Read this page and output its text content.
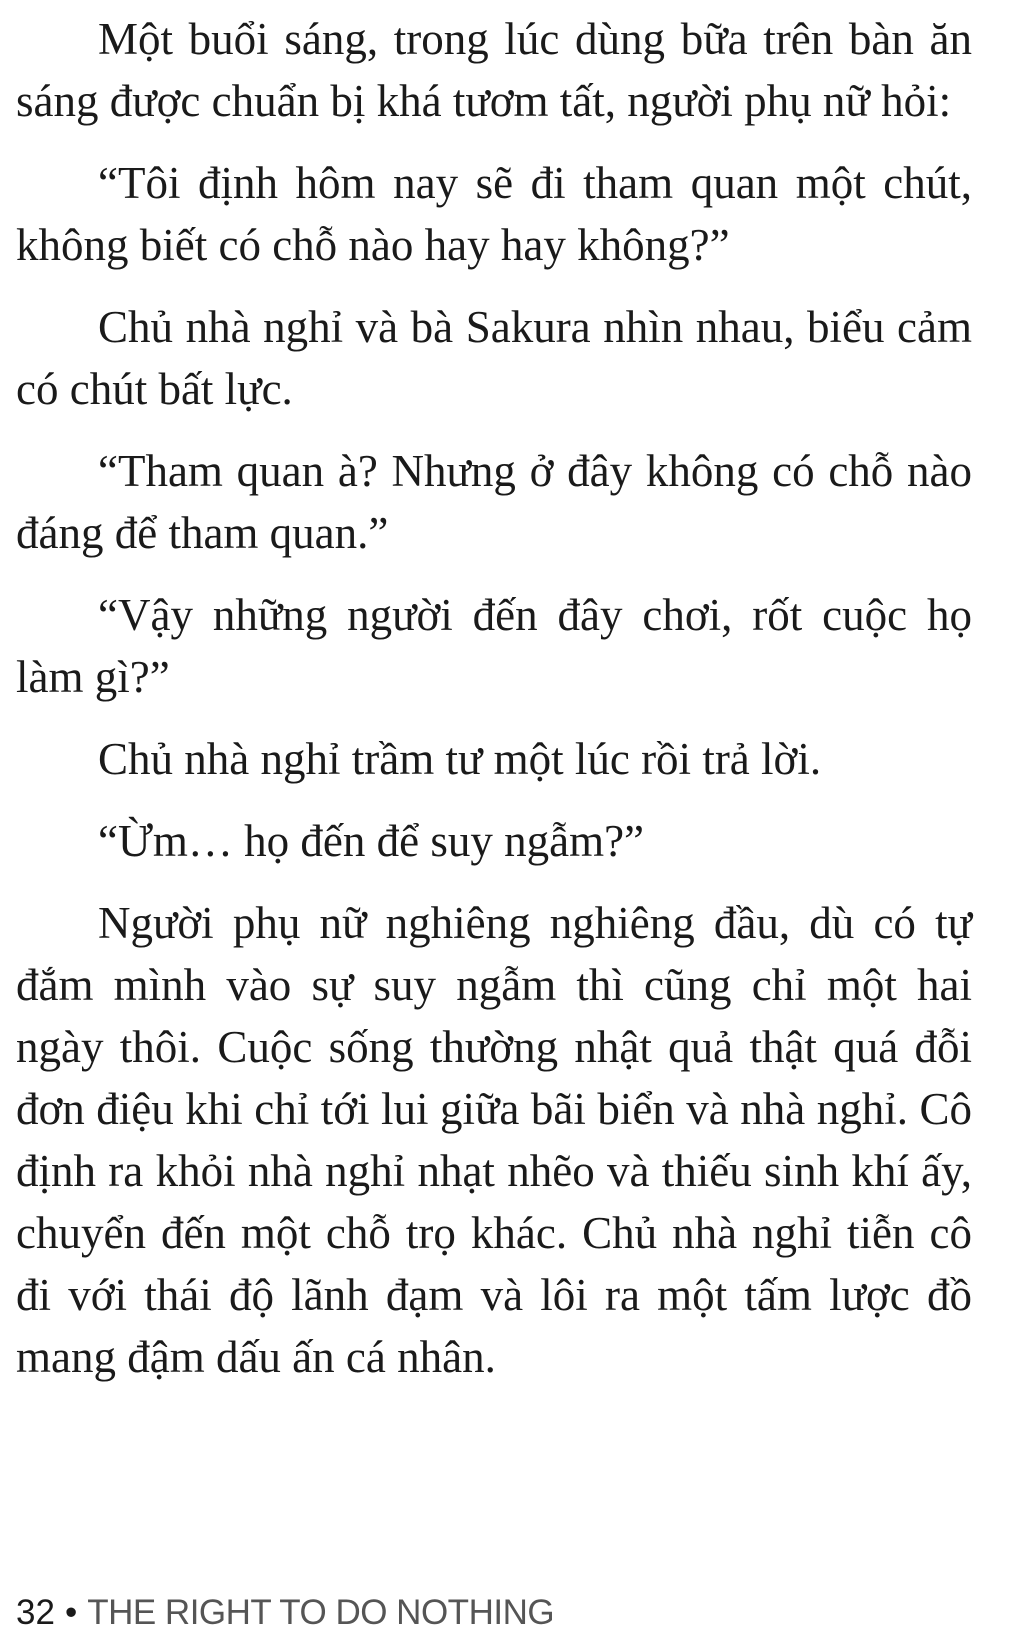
Một buổi sáng, trong lúc dùng bữa trên bàn ăn sáng được chuẩn bị khá tươm tất, người phụ nữ hỏi:

“Tôi định hôm nay sẽ đi tham quan một chút, không biết có chỗ nào hay hay không?”

Chủ nhà nghỉ và bà Sakura nhìn nhau, biểu cảm có chút bất lực.

“Tham quan à? Nhưng ở đây không có chỗ nào đáng để tham quan.”

“Vậy những người đến đây chơi, rốt cuộc họ làm gì?”

Chủ nhà nghỉ trầm tư một lúc rồi trả lời.

“Ừm… họ đến để suy ngẫm?”

Người phụ nữ nghiêng nghiêng đầu, dù có tự đắm mình vào sự suy ngẫm thì cũng chỉ một hai ngày thôi. Cuộc sống thường nhật quả thật quá đỗi đơn điệu khi chỉ tới lui giữa bãi biển và nhà nghỉ. Cô định ra khỏi nhà nghỉ nhạt nhẽo và thiếu sinh khí ấy, chuyển đến một chỗ trọ khác. Chủ nhà nghỉ tiễn cô đi với thái độ lãnh đạm và lôi ra một tấm lược đồ mang đậm dấu ấn cá nhân.

32 • THE RIGHT TO DO NOTHING
